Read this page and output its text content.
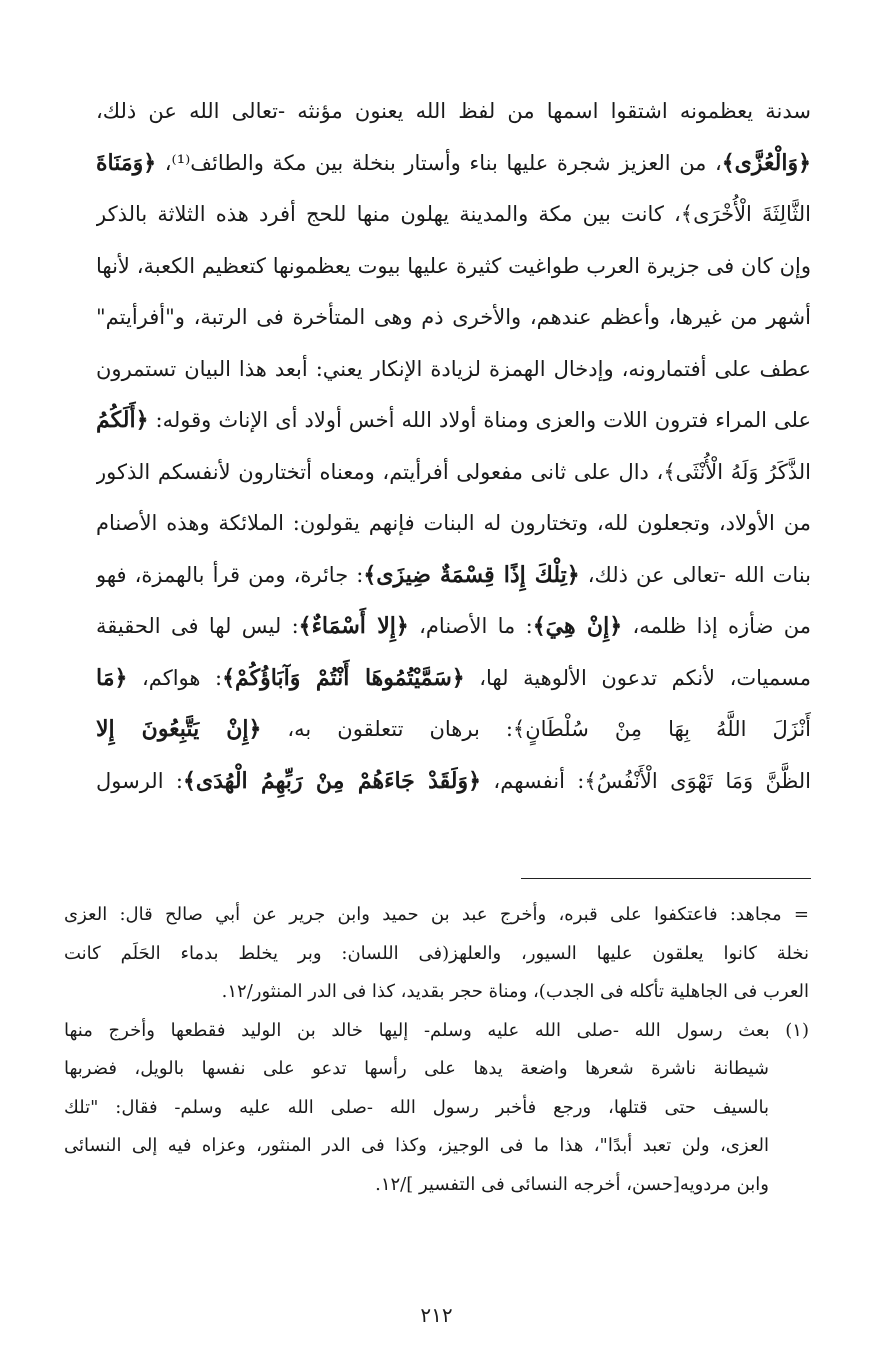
سدنة يعظمونه اشتقوا اسمها من لفظ الله يعنون مؤنثه -تعالى الله عن ذلك،
﴿وَالْعُزَّى﴾، من العزيز شجرة عليها بناء وأستار بنخلة بين مكة والطائف⁽¹⁾، ﴿وَمَنَاةَ
الثَّالِثَةَ الْأُخْرَى﴾، كانت بين مكة والمدينة يهلون منها للحج أفرد هذه الثلاثة بالذكر
وإن كان فى جزيرة العرب طواغيت كثيرة عليها بيوت يعظمونها كتعظيم الكعبة، لأنها
أشهر من غيرها، وأعظم عندهم، والأخرى ذم وهى المتأخرة فى الرتبة، و"أفرأيتم"
عطف على أفتمارونه، وإدخال الهمزة لزيادة الإنكار يعني: أبعد هذا البيان تستمرون
على المراء فترون اللات والعزى ومناة أولاد الله أخس أولاد أى الإناث وقوله: ﴿أَلَكُمُ
الذَّكَرُ وَلَهُ الْأُنْثَى﴾، دال على ثانى مفعولى أفرأيتم، ومعناه أتختارون لأنفسكم الذكور
من الأولاد، وتجعلون لله، وتختارون له البنات فإنهم يقولون: الملائكة وهذه الأصنام
بنات الله -تعالى عن ذلك، ﴿تِلْكَ إِذًا قِسْمَةٌ ضِيزَى﴾: جائرة، ومن قرأ بالهمزة، فهو
من ضأزه إذا ظلمه، ﴿إِنْ هِيَ﴾: ما الأصنام، ﴿إِلا أَسْمَاءٌ﴾: ليس لها فى الحقيقة
مسميات، لأنكم تدعون الألوهية لها، ﴿سَمَّيْتُمُوهَا أَنْتُمْ وَآبَاؤُكُمْ﴾: هواكم، ﴿مَا
أَنْزَلَ اللَّهُ بِهَا مِنْ سُلْطَانٍ﴾: برهان تتعلقون به، ﴿إِنْ يَتَّبِعُونَ إِلا
الظَّنَّ وَمَا تَهْوَى الْأَنْفُسُ﴾: أنفسهم، ﴿وَلَقَدْ جَاءَهُمْ مِنْ رَبِّهِمُ الْهُدَى﴾: الرسول
= مجاهد: فاعتكفوا على قبره، وأخرج عبد بن حميد وابن جرير عن أبي صالح قال: العزى
نخلة كانوا يعلقون عليها السيور، والعلهز(فى اللسان: وبر يخلط بدماء الحَلَم كانت
العرب فى الجاهلية تأكله فى الجدب)، ومناة حجر بقديد، كذا فى الدر المنثور/١٢.
(١) بعث رسول الله -صلى الله عليه وسلم- إليها خالد بن الوليد فقطعها وأخرج منها
شيطانة ناشرة شعرها واضعة يدها على رأسها تدعو على نفسها بالويل، فضربها
بالسيف حتى قتلها، ورجع فأخبر رسول الله -صلى الله عليه وسلم- فقال: "تلك
العزى، ولن تعبد أبدًا"، هذا ما فى الوجيز، وكذا فى الدر المنثور، وعزاه فيه إلى النسائى
وابن مردويه[حسن، أخرجه النسائى فى التفسير ]/١٢.
٢١٢
